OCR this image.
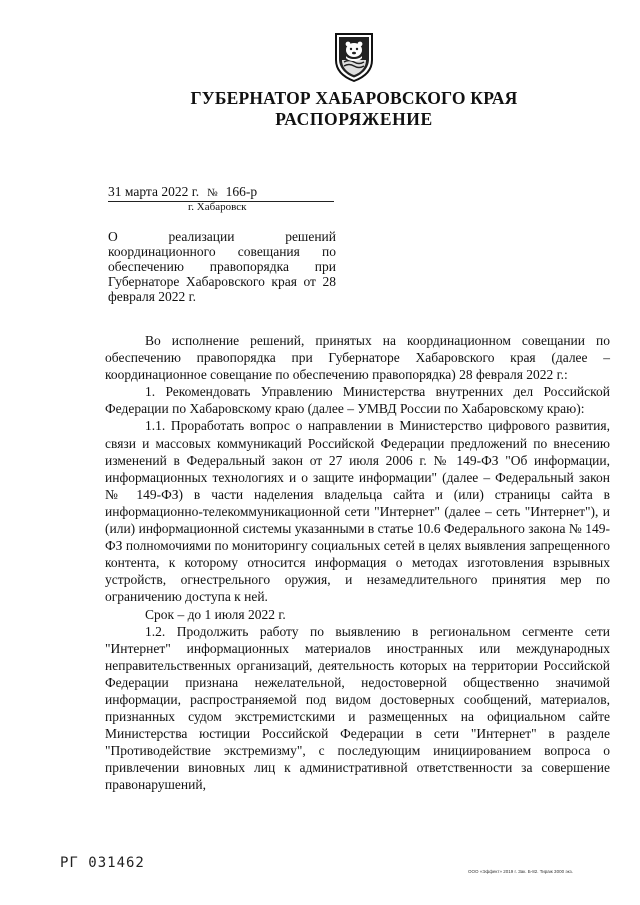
ГУБЕРНАТОР ХАБАРОВСКОГО КРАЯ
РАСПОРЯЖЕНИЕ
31 марта 2022 г. № 166-р
г. Хабаровск
О реализации решений
координационного совещания по обеспечению правопорядка при Губернаторе Хабаровского края от 28 февраля 2022 г.

Во исполнение решений, принятых на координационном совещании по обеспечению правопорядка при Губернаторе Хабаровского края (далее – координационное совещание по обеспечению правопорядка) 28 февраля 2022 г.:

1. Рекомендовать Управлению Министерства внутренних дел Российской Федерации по Хабаровскому краю (далее – УМВД России по Хабаровскому краю):

1.1. Проработать вопрос о направлении в Министерство цифрового развития, связи и массовых коммуникаций Российской Федерации предложений по внесению изменений в Федеральный закон от 27 июля 2006 г. № 149-ФЗ "Об информации, информационных технологиях и о защите информации" (далее – Федеральный закон № 149-ФЗ) в части наделения владельца сайта и (или) страницы сайта в информационно-телекоммуникационной сети "Интернет" (далее – сеть "Интернет"), и (или) информационной системы указанными в статье 10.6 Федерального закона № 149-ФЗ полномочиями по мониторингу социальных сетей в целях выявления запрещенного контента, к которому относится информация о методах изготовления взрывных устройств, огнестрельного оружия, и незамедлительного принятия мер по ограничению доступа к ней.

Срок – до 1 июля 2022 г.

1.2. Продолжить работу по выявлению в региональном сегменте сети "Интернет" информационных материалов иностранных или международных неправительственных организаций, деятельность которых на территории Российской Федерации признана нежелательной, недостоверной общественно значимой информации, распространяемой под видом достоверных сообщений, материалов, признанных судом экстремистскими и размещенных на официальном сайте Министерства юстиции Российской Федерации в сети "Интернет" в разделе "Противодействие экстремизму", с последующим инициированием вопроса о привлечении виновных лиц к административной ответственности за совершение правонарушений,

РГ 031462
ООО «Эффект» 2019 г. Зак. Б-82. Тираж 3000 экз.
